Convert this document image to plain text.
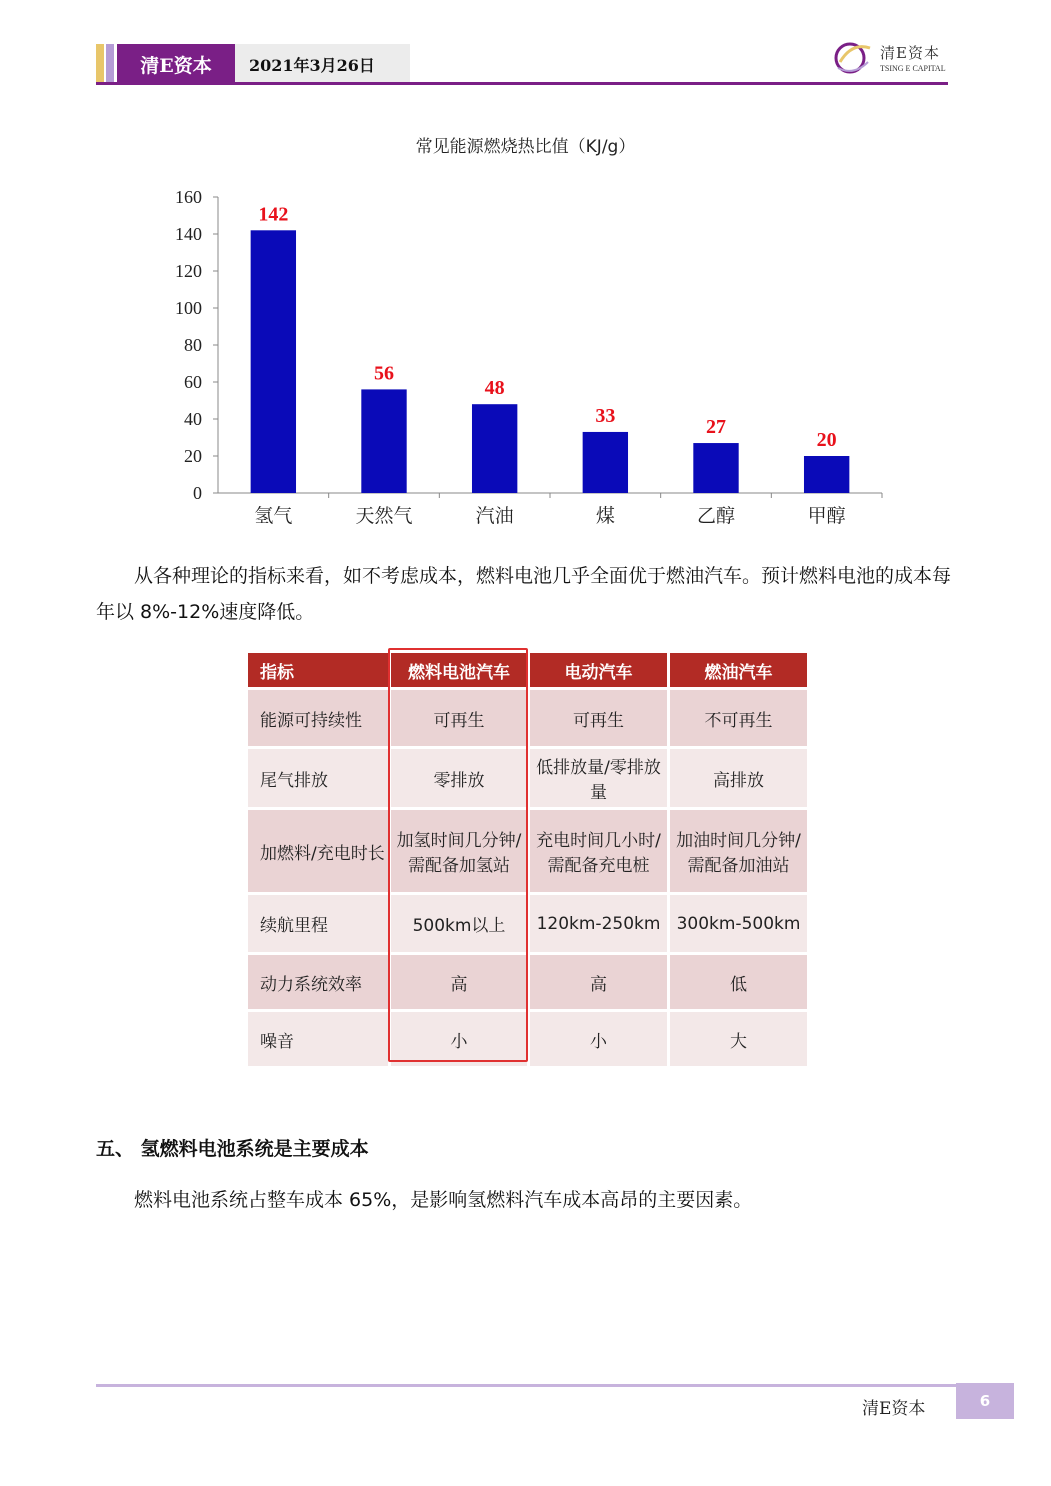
清E资本	2021年3月26日
清E资本
TSING E CAPITAL
常见能源燃烧热比值（KJ/g）
0
20
40
60
80
100
120
140
160
142
氢气
56
天然气
48
汽油
33
煤
27
乙醇
20
甲醇
从各种理论的指标来看，如不考虑成本，燃料电池几乎全面优于燃油汽车。预计燃料电池的成本每年以 8%-12%速度降低。
指标	燃料电池汽车	电动汽车	燃油汽车
能源可持续性	可再生	可再生	不可再生
尾气排放	零排放	低排放量/零排放量	高排放
加燃料/充电时长	加氢时间几分钟/需配备加氢站	充电时间几小时/需配备充电桩	加油时间几分钟/需配备加油站
续航里程	500km以上	120km-250km	300km-500km
动力系统效率	高	高	低
噪音	小	小	大
五、 氢燃料电池系统是主要成本
燃料电池系统占整车成本 65%，是影响氢燃料汽车成本高昂的主要因素。
清E资本	6
